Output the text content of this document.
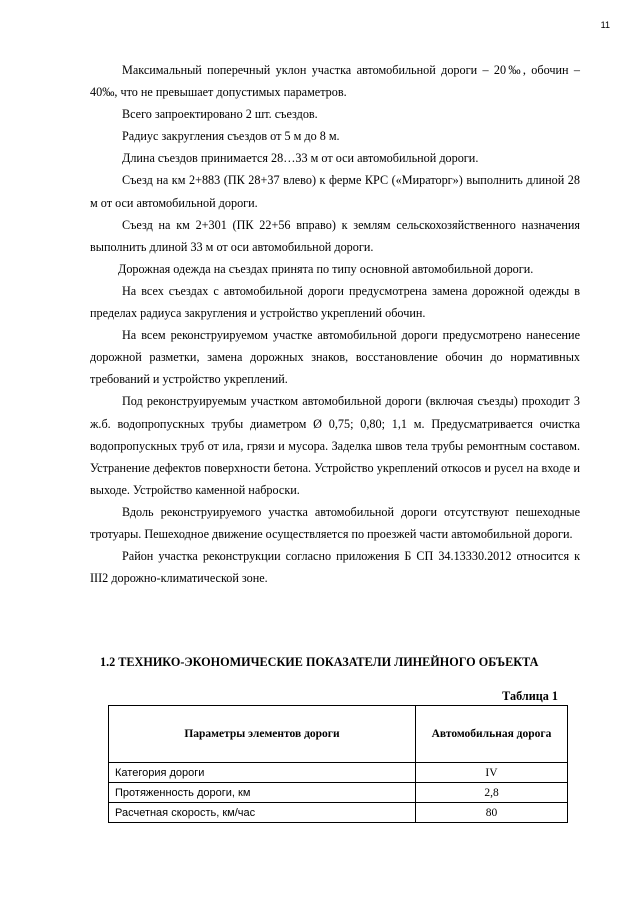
11

Максимальный поперечный уклон участка автомобильной дороги – 20‰, обочин – 40‰, что не превышает допустимых параметров.

Всего запроектировано 2 шт. съездов.

Радиус закругления съездов от 5 м до 8 м.

Длина съездов принимается 28…33 м от оси автомобильной дороги.

Съезд на км 2+883 (ПК 28+37 влево) к ферме КРС («Мираторг») выполнить длиной 28 м от оси автомобильной дороги.

Съезд на км 2+301 (ПК 22+56 вправо) к землям сельскохозяйственного назначения выполнить длиной 33 м от оси автомобильной дороги.

Дорожная одежда на съездах принята по типу основной автомобильной дороги.

На всех съездах с автомобильной дороги предусмотрена замена дорожной одежды в пределах радиуса закругления и устройство укреплений обочин.

На всем реконструируемом участке автомобильной дороги предусмотрено нанесение дорожной разметки, замена дорожных знаков, восстановление обочин до нормативных требований и устройство укреплений.

Под реконструируемым участком автомобильной дороги (включая съезды) проходит 3 ж.б. водопропускных трубы диаметром Ø 0,75; 0,80; 1,1 м. Предусматривается очистка водопропускных труб от ила, грязи и мусора. Заделка швов тела трубы ремонтным составом. Устранение дефектов поверхности бетона. Устройство укреплений откосов и русел на входе и выходе. Устройство каменной наброски.

Вдоль реконструируемого участка автомобильной дороги отсутствуют пешеходные тротуары. Пешеходное движение осуществляется по проезжей части автомобильной дороги.

Район участка реконструкции согласно приложения Б СП 34.13330.2012 относится к III2 дорожно-климатической зоне.

1.2 ТЕХНИКО-ЭКОНОМИЧЕСКИЕ ПОКАЗАТЕЛИ ЛИНЕЙНОГО ОБЪЕКТА
Таблица 1
Параметры элементов дороги	Автомобильная дорога
Категория дороги	IV
Протяженность дороги, км	2,8
Расчетная скорость, км/час	80
